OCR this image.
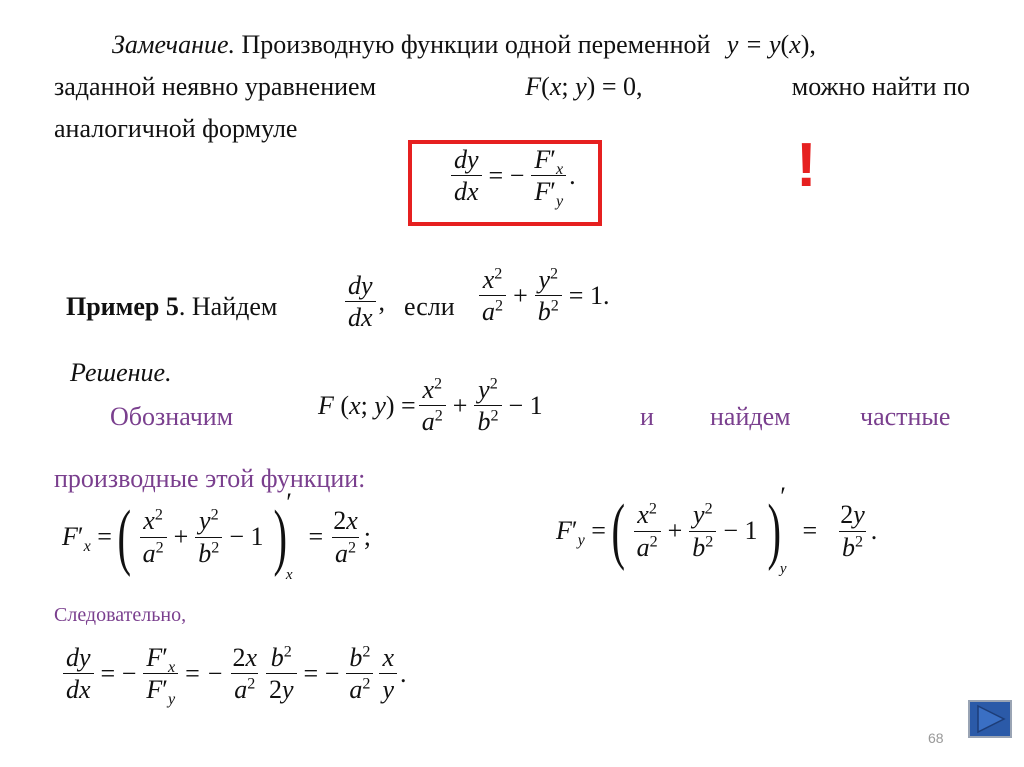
Замечание. Производную функции одной переменной y = y(x),
заданной неявно уравнением	F(x; y) = 0,	можно найти по
аналогичной формуле
$\frac{dy}{dx}$ = − $\frac{F'_x}{F'_y}$ .	!
Пример 5. Найдем	$\frac{dy}{dx}$ , если $\frac{x^2}{a^2} + \frac{y^2}{b^2} = 1$.
Решение.
Обозначим	F ( x ; y ) = $\frac{x^2}{a^2} + \frac{y^2}{b^2} - 1$	и найдем	частные
производные этой функции:
$F'_x$ = ( $\frac{x^2}{a^2} + \frac{y^2}{b^2} - 1$ ) ′
x
= $\frac{2x}{a^2}$ ;	$F'_y$ = ( $\frac{x^2}{a^2} + \frac{y^2}{b^2} - 1$ ) ′
y
= $\frac{2y}{b^2}$ .
Следовательно,
$\frac{dy}{dx}$ = − $\frac{F'_x}{F'_y}$ = − $\frac{2x}{a^2} \frac{b^2}{2y}$ = − $\frac{b^2}{a^2} \frac{x}{y}$ .
68
